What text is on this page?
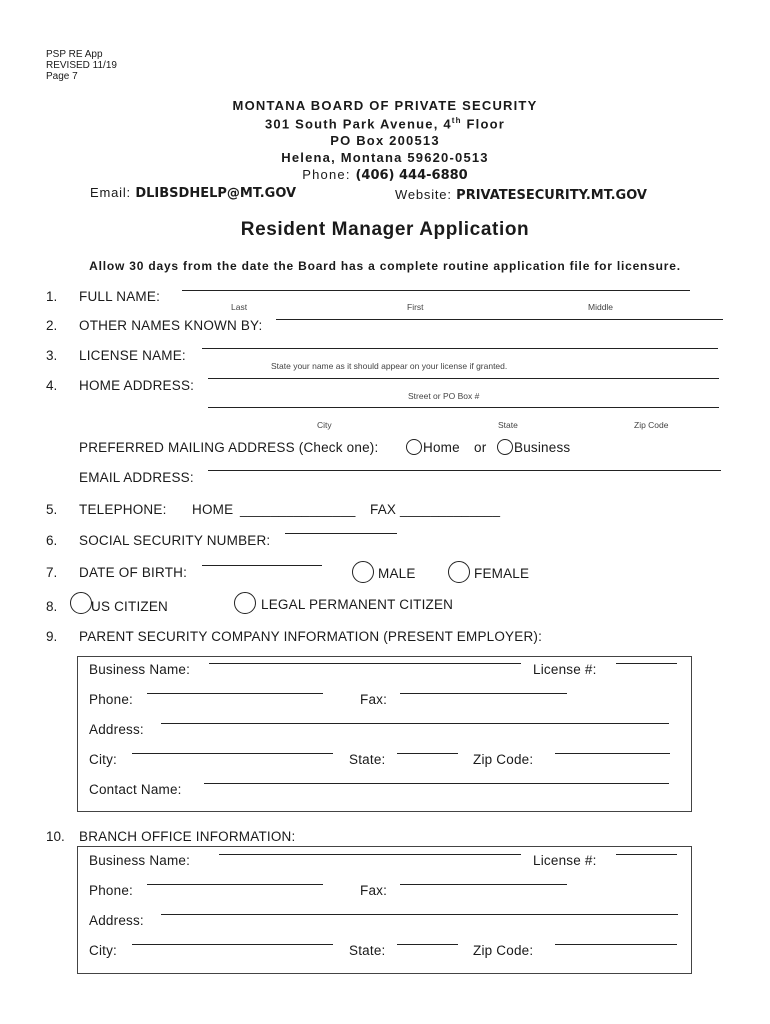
PSP RE App
REVISED 11/19
Page 7
MONTANA BOARD OF PRIVATE SECURITY
301 South Park Avenue, 4th Floor
PO Box 200513
Helena, Montana 59620-0513
Phone: (406) 444-6880
Email: DLIBSDHELP@MT.GOV	Website: PRIVATESECURITY.MT.GOV
Resident Manager Application
Allow 30 days from the date the Board has a complete routine application file for licensure.
1. FULL NAME:
Last	First	Middle
2. OTHER NAMES KNOWN BY:
3. LICENSE NAME:
State your name as it should appear on your license if granted.
4. HOME ADDRESS:
Street or PO Box #
City	State	Zip Code
PREFERRED MAILING ADDRESS (Check one):	Home or Business
EMAIL ADDRESS:
5. TELEPHONE: HOME _______________ FAX _____________
6. SOCIAL SECURITY NUMBER:
7. DATE OF BIRTH:	MALE	FEMALE
8. US CITIZEN	LEGAL PERMANENT CITIZEN
9. PARENT SECURITY COMPANY INFORMATION (PRESENT EMPLOYER):
Business Name:	License #:
Phone:	Fax:
Address:
City:	State:	Zip Code:
Contact Name:
10. BRANCH OFFICE INFORMATION:
Business Name:	License #:
Phone:	Fax:
Address:
City:	State:	Zip Code:
